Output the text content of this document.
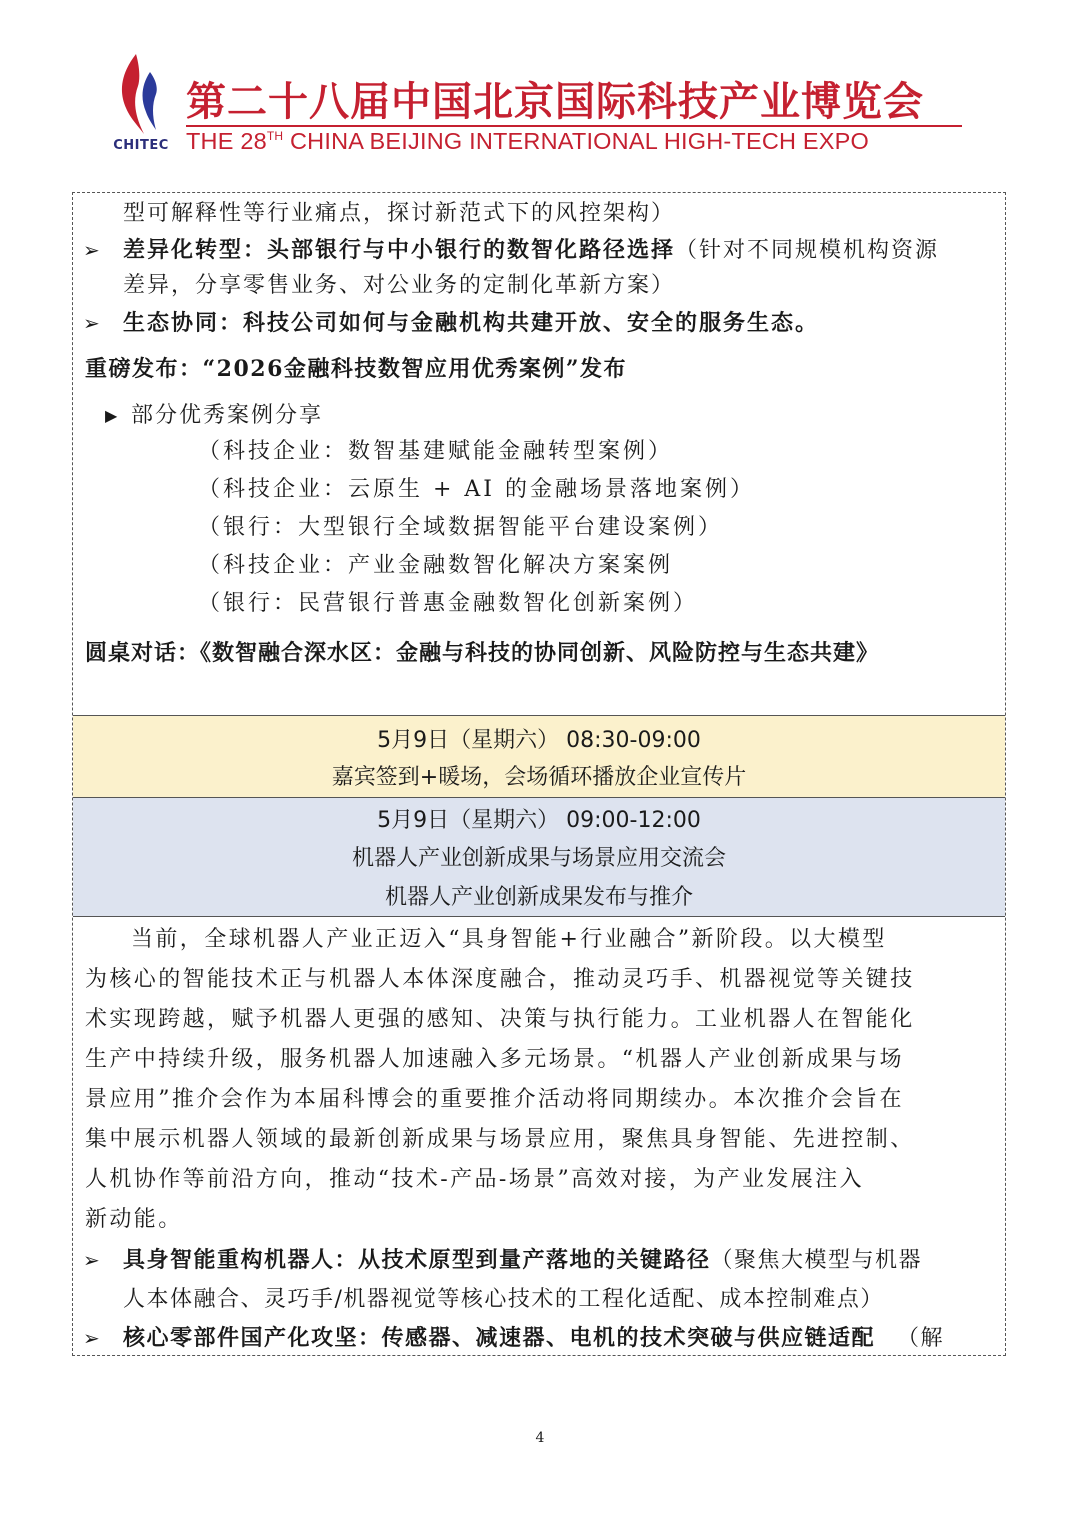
CHITEC
第二十八届中国北京国际科技产业博览会
THE 28TH CHINA BEIJING INTERNATIONAL HIGH-TECH EXPO
型可解释性等行业痛点，探讨新范式下的风控架构）
➢ 差异化转型：头部银行与中小银行的数智化路径选择（针对不同规模机构资源
差异，分享零售业务、对公业务的定制化革新方案）
➢ 生态协同：科技公司如何与金融机构共建开放、安全的服务生态。
重磅发布：“2026金融科技数智应用优秀案例”发布
▶ 部分优秀案例分享
（科技企业：数智基建赋能金融转型案例）
（科技企业：云原生 + AI 的金融场景落地案例）
（银行：大型银行全域数据智能平台建设案例）
（科技企业：产业金融数智化解决方案案例
（银行：民营银行普惠金融数智化创新案例）
圆桌对话：《数智融合深水区：金融与科技的协同创新、风险防控与生态共建》
5月9日（星期六） 08:30-09:00
嘉宾签到+暖场，会场循环播放企业宣传片
5月9日（星期六） 09:00-12:00
机器人产业创新成果与场景应用交流会
机器人产业创新成果发布与推介
当前，全球机器人产业正迈入“具身智能+行业融合”新阶段。以大模型
为核心的智能技术正与机器人本体深度融合，推动灵巧手、机器视觉等关键技
术实现跨越，赋予机器人更强的感知、决策与执行能力。工业机器人在智能化
生产中持续升级，服务机器人加速融入多元场景。“机器人产业创新成果与场
景应用”推介会作为本届科博会的重要推介活动将同期续办。本次推介会旨在
集中展示机器人领域的最新创新成果与场景应用，聚焦具身智能、先进控制、
人机协作等前沿方向，推动“技术-产品-场景”高效对接，为产业发展注入
新动能。
➢ 具身智能重构机器人：从技术原型到量产落地的关键路径（聚焦大模型与机器
人本体融合、灵巧手/机器视觉等核心技术的工程化适配、成本控制难点）
➢ 核心零部件国产化攻坚：传感器、减速器、电机的技术突破与供应链适配 （解
4
